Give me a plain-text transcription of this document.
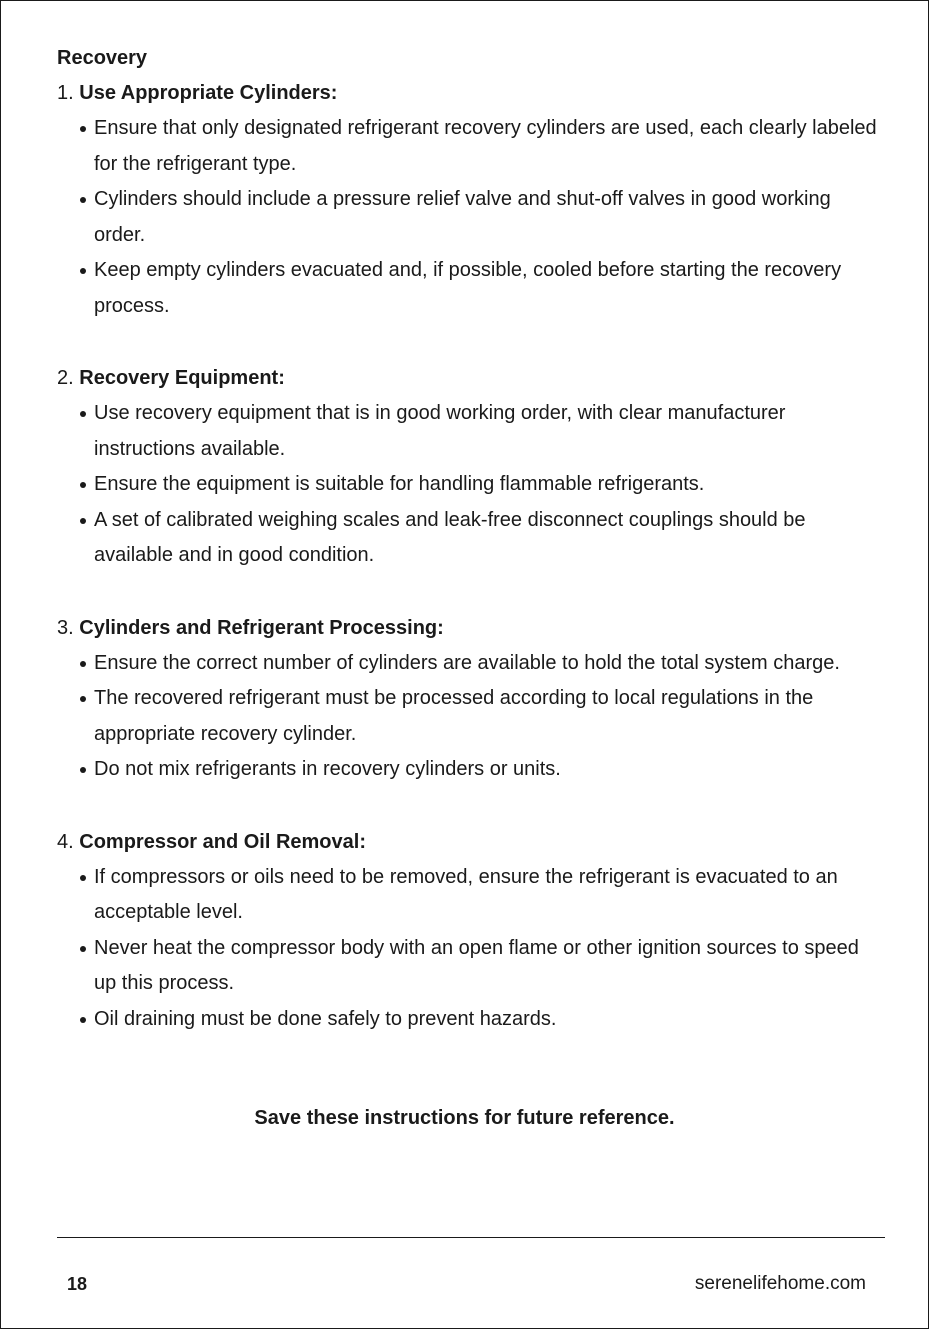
Recovery

1. Use Appropriate Cylinders:

Ensure that only designated refrigerant recovery cylinders are used, each clearly labeled for the refrigerant type.
Cylinders should include a pressure relief valve and shut-off valves in good working order.
Keep empty cylinders evacuated and, if possible, cooled before starting the recovery process.

2. Recovery Equipment:

Use recovery equipment that is in good working order, with clear manufacturer instructions available.
Ensure the equipment is suitable for handling flammable refrigerants.
A set of calibrated weighing scales and leak-free disconnect couplings should be available and in good condition.

3. Cylinders and Refrigerant Processing:

Ensure the correct number of cylinders are available to hold the total system charge.
The recovered refrigerant must be processed according to local regulations in the appropriate recovery cylinder.
Do not mix refrigerants in recovery cylinders or units.

4. Compressor and Oil Removal:

If compressors or oils need to be removed, ensure the refrigerant is evacuated to an acceptable level.
Never heat the compressor body with an open flame or other ignition sources to speed up this process.
Oil draining must be done safely to prevent hazards.
Save these instructions for future reference.
18	serenelifehome.com
